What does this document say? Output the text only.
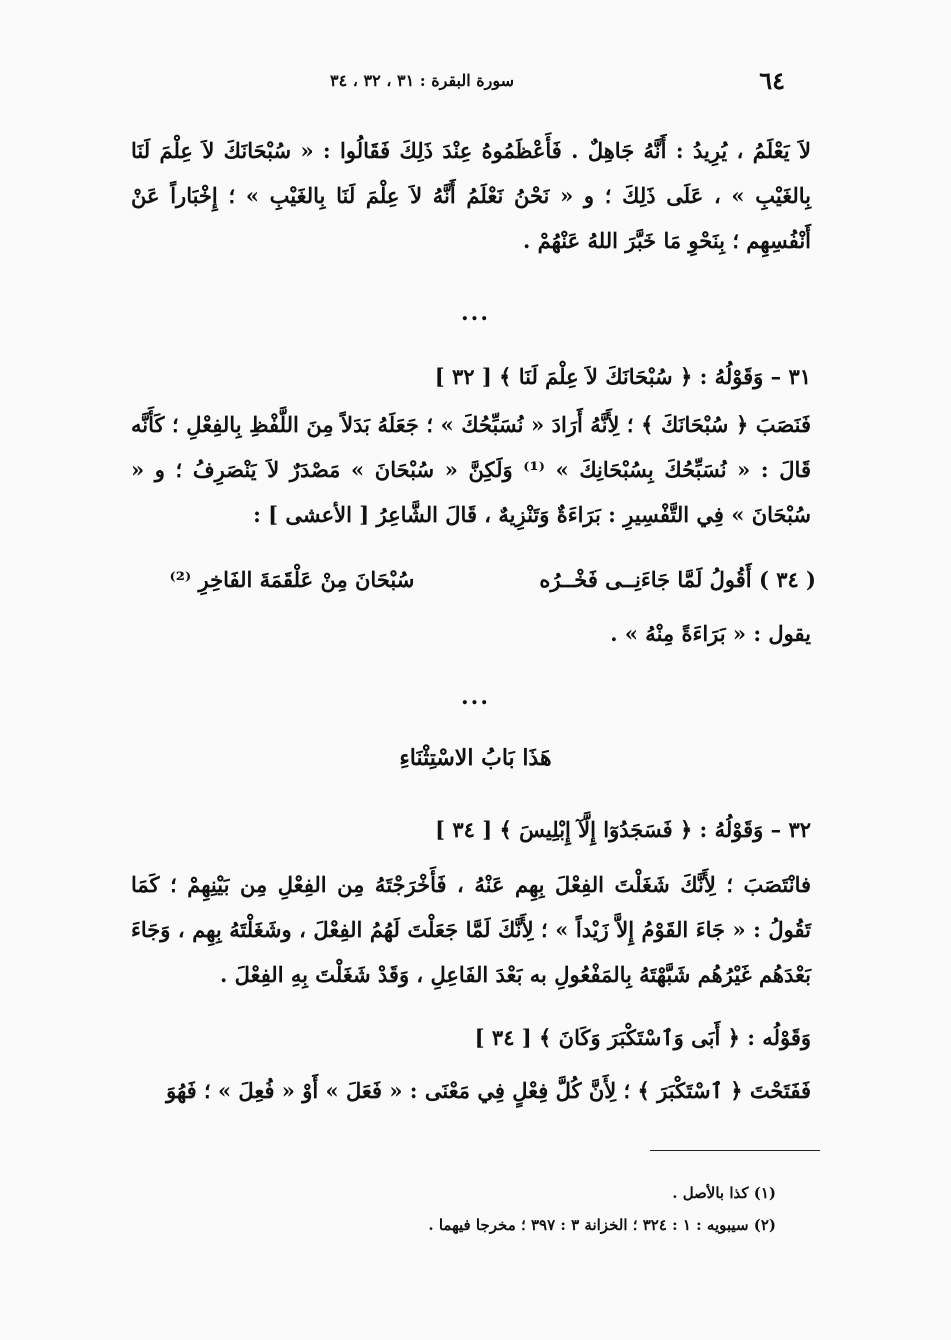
٦٤
سورة البقرة : ٣١ ، ٣٢ ، ٣٤
لاَ يَعْلَمُ ، يُرِيدُ : أَنَّهُ جَاهِلٌ . فَأَعْظَمُوهُ عِنْدَ ذَلِكَ فَقَالُوا : « سُبْحَانَكَ لاَ عِلْمَ لَنَا بِالغَيْبِ » ، عَلَى ذَلِكَ ؛ و « نَحْنُ نَعْلَمُ أَنَّهُ لاَ عِلْمَ لَنَا بِالغَيْبِ » ؛ إِخْبَاراً عَنْ أَنْفُسِهِم ؛ بِنَحْوِ مَا خَبَّرَ اللهُ عَنْهُمْ .
...
٣١ – وَقَوْلُهُ : ﴿ سُبْحَانَكَ لاَ عِلْمَ لَنَا ﴾ [ ٣٢ ]
فَنَصَبَ ﴿ سُبْحَانَكَ ﴾ ؛ لِأَنَّهُ أَرَادَ « نُسَبِّحُكَ » ؛ جَعَلَهُ بَدَلاً مِنَ اللَّفْظِ بِالفِعْلِ ؛ كَأَنَّه قَالَ : « نُسَبِّحُكَ بِسُبْحَانِكَ » ⁽¹⁾ وَلَكِنَّ « سُبْحَانَ » مَصْدَرٌ لاَ يَنْصَرِفُ ؛ و « سُبْحَانَ » فِي التَّفْسِيرِ : بَرَاءَةٌ وَتَنْزِيهٌ ، قَالَ الشَّاعِرُ [ الأعشى ] :
( ٣٤ ) أَقُولُ لَمَّا جَاءَنِــى فَخْــرُه سُبْحَانَ مِنْ عَلْقَمَةَ الفَاخِرِ ⁽²⁾
يقول : « بَرَاءَةً مِنْهُ » .
...
هَذَا بَابُ الاسْتِثْنَاءِ
٣٢ – وَقَوْلُهُ : ﴿ فَسَجَدُوٓا إِلَّآ إِبْلِيسَ ﴾ [ ٣٤ ]
فانْتَصَبَ ؛ لِأَنَّكَ شَغَلْتَ الفِعْلَ بِهِم عَنْهُ ، فَأَخْرَجْتَهُ مِن الفِعْلِ مِن بَيْنِهِمْ ؛ كَمَا تَقُولُ : « جَاءَ القَوْمُ إِلاَّ زَيْداً » ؛ لِأَنَّكَ لَمَّا جَعَلْتَ لَهُمُ الفِعْلَ ، وشَغَلْتَهُ بِهِم ، وَجَاءَ بَعْدَهُم غَيْرُهُم شَبَّهْتَهُ بِالمَفْعُولِ به بَعْدَ الفَاعِلِ ، وَقَدْ شَغَلْتَ بِهِ الفِعْلَ .
وَقَوْلُه : ﴿ أَبَى وَٱسْتَكْبَرَ وَكَانَ ﴾ [ ٣٤ ]
فَفَتَحْتَ ﴿ ٱسْتَكْبَرَ ﴾ ؛ لِأَنَّ كُلَّ فِعْلٍ فِي مَعْنَى : « فَعَلَ » أَوْ « فُعِلَ » ؛ فَهُوَ
(١) كذا بالأصل .
(٢) سيبويه : ١ : ٣٢٤ ؛ الخزانة ٣ : ٣٩٧ ؛ مخرجا فيهما .
